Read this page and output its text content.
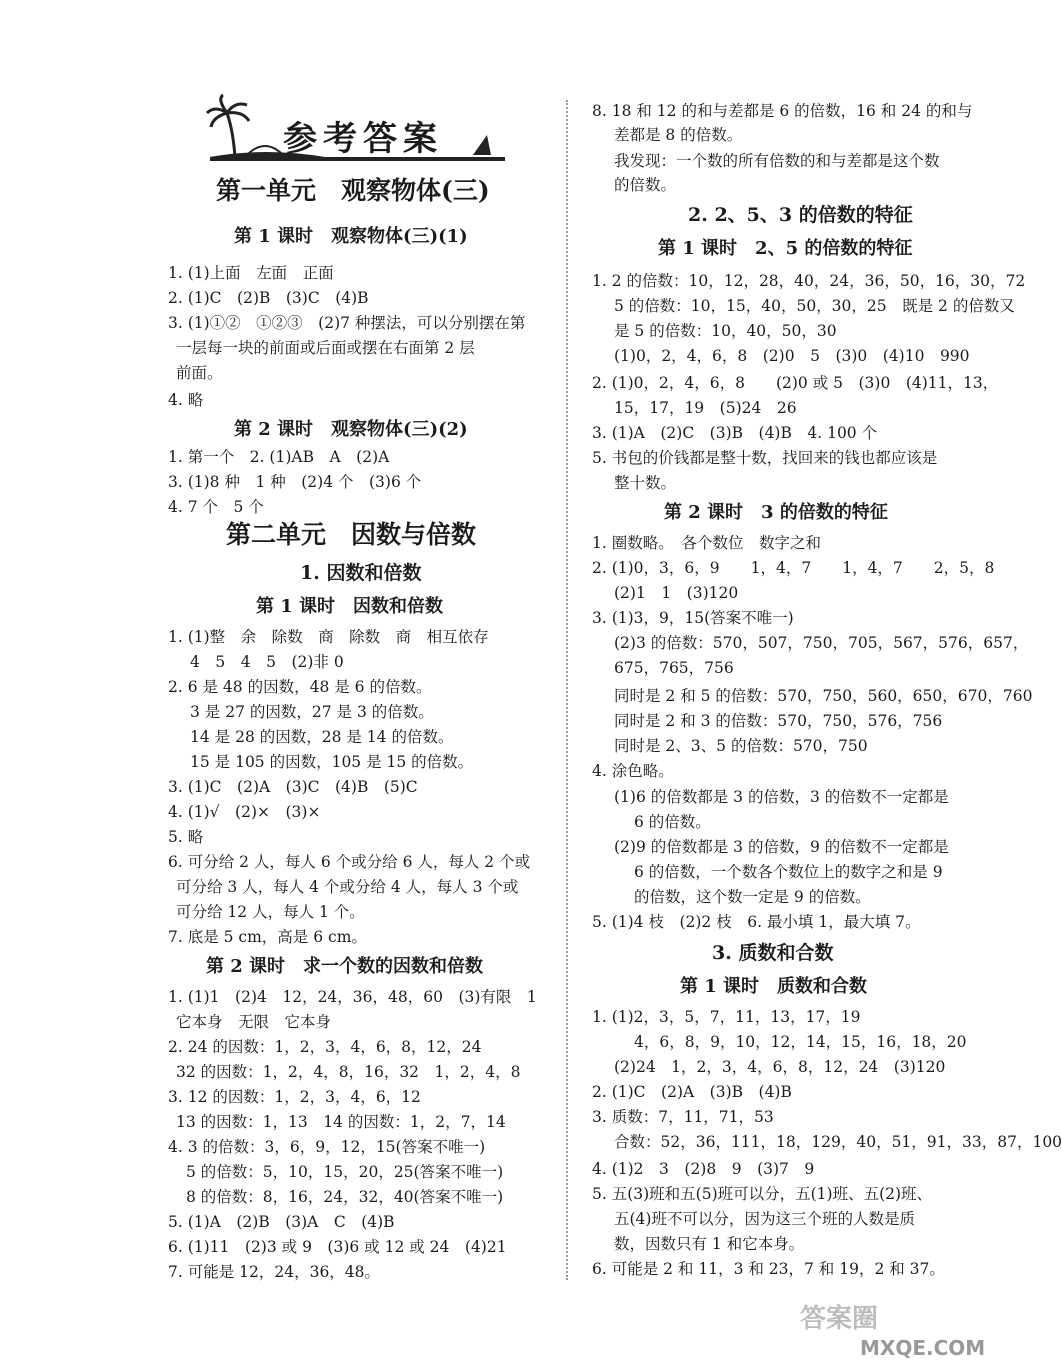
参考答案
第一单元　观察物体(三)
第 1 课时　观察物体(三)(1)
1. (1)上面　左面　正面
2. (1)C　(2)B　(3)C　(4)B
3. (1)①②　①②③　(2)7 种摆法，可以分别摆在第
一层每一块的前面或后面或摆在右面第 2 层
前面。
4. 略
第 2 课时　观察物体(三)(2)
1. 第一个　2. (1)AB　A　(2)A
3. (1)8 种　1 种　(2)4 个　(3)6 个
4. 7 个　5 个
第二单元　因数与倍数
1. 因数和倍数
第 1 课时　因数和倍数
1. (1)整　余　除数　商　除数　商　相互依存
4　5　4　5　(2)非 0
2. 6 是 48 的因数，48 是 6 的倍数。
3 是 27 的因数，27 是 3 的倍数。
14 是 28 的因数，28 是 14 的倍数。
15 是 105 的因数，105 是 15 的倍数。
3. (1)C　(2)A　(3)C　(4)B　(5)C
4. (1)√　(2)×　(3)×
5. 略
6. 可分给 2 人，每人 6 个或分给 6 人，每人 2 个或
可分给 3 人，每人 4 个或分给 4 人，每人 3 个或
可分给 12 人，每人 1 个。
7. 底是 5 cm，高是 6 cm。
第 2 课时　求一个数的因数和倍数
1. (1)1　(2)4　12，24，36，48，60　(3)有限　1
它本身　无限　它本身
2. 24 的因数：1，2，3，4，6，8，12，24
32 的因数：1，2，4，8，16，32　1，2，4，8
3. 12 的因数：1，2，3，4，6，12
13 的因数：1，13　14 的因数：1，2，7，14
4. 3 的倍数：3，6，9，12，15(答案不唯一)
5 的倍数：5，10，15，20，25(答案不唯一)
8 的倍数：8，16，24，32，40(答案不唯一)
5. (1)A　(2)B　(3)A　C　(4)B
6. (1)11　(2)3 或 9　(3)6 或 12 或 24　(4)21
7. 可能是 12，24，36，48。
8. 18 和 12 的和与差都是 6 的倍数，16 和 24 的和与
差都是 8 的倍数。
我发现：一个数的所有倍数的和与差都是这个数
的倍数。
2. 2、5、3 的倍数的特征
第 1 课时　2、5 的倍数的特征
1. 2 的倍数：10，12，28，40，24，36，50，16，30，72
5 的倍数：10，15，40，50，30，25　既是 2 的倍数又
是 5 的倍数：10，40，50，30
(1)0，2，4，6，8　(2)0　5　(3)0　(4)10　990
2. (1)0，2，4，6，8　　(2)0 或 5　(3)0　(4)11，13，
15，17，19　(5)24　26
3. (1)A　(2)C　(3)B　(4)B　4. 100 个
5. 书包的价钱都是整十数，找回来的钱也都应该是
整十数。
第 2 课时　3 的倍数的特征
1. 圈数略。　各个数位　数字之和
2. (1)0，3，6，9　　1，4，7　　1，4，7　　2，5，8
(2)1　1　(3)120
3. (1)3，9，15(答案不唯一)
(2)3 的倍数：570，507，750，705，567，576，657，
675，765，756
同时是 2 和 5 的倍数：570，750，560，650，670，760
同时是 2 和 3 的倍数：570，750，576，756
同时是 2、3、5 的倍数：570，750
4. 涂色略。
(1)6 的倍数都是 3 的倍数，3 的倍数不一定都是
6 的倍数。
(2)9 的倍数都是 3 的倍数，9 的倍数不一定都是
6 的倍数，一个数各个数位上的数字之和是 9
的倍数，这个数一定是 9 的倍数。
5. (1)4 枝　(2)2 枝　6. 最小填 1，最大填 7。
3. 质数和合数
第 1 课时　质数和合数
1. (1)2，3，5，7，11，13，17，19
4，6，8，9，10，12，14，15，16，18，20
(2)24　1，2，3，4，6，8，12，24　(3)120
2. (1)C　(2)A　(3)B　(4)B
3. 质数：7，11，71，53
合数：52，36，111，18，129，40，51，91，33，87，100
4. (1)2　3　(2)8　9　(3)7　9
5. 五(3)班和五(5)班可以分，五(1)班、五(2)班、
五(4)班不可以分，因为这三个班的人数是质
数，因数只有 1 和它本身。
6. 可能是 2 和 11，3 和 23，7 和 19，2 和 37。
答案圈
MXQE.COM
